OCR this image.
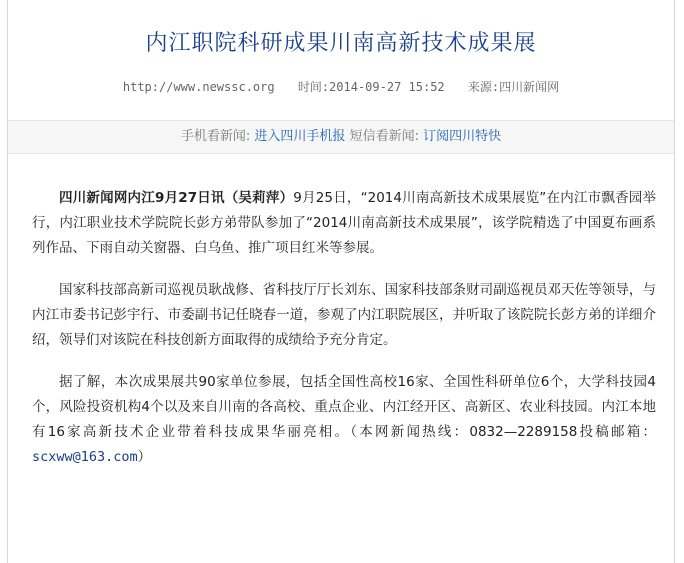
内江职院科研成果川南高新技术成果展
http://www.newssc.org 时间:2014-09-27 15:52 来源:四川新闻网
手机看新闻: 进入四川手机报 短信看新闻: 订阅四川特快

四川新闻网内江9月27日讯（吴莉萍）9月25日，“2014川南高新技术成果展览”在内江市飘香园举行，内江职业技术学院院长彭方弟带队参加了“2014川南高新技术成果展”，该学院精选了中国夏布画系列作品、下雨自动关窗器、白乌鱼、推广项目红米等参展。

国家科技部高新司巡视员耿战修、省科技厅厅长刘东、国家科技部条财司副巡视员邓天佐等领导，与内江市委书记彭宇行、市委副书记任晓春一道，参观了内江职院展区，并听取了该院院长彭方弟的详细介绍，领导们对该院在科技创新方面取得的成绩给予充分肯定。

据了解，本次成果展共90家单位参展，包括全国性高校16家、全国性科研单位6个，大学科技园4个，风险投资机构4个以及来自川南的各高校、重点企业、内江经开区、高新区、农业科技园。内江本地有16家高新技术企业带着科技成果华丽亮相。（本网新闻热线：0832—2289158投稿邮箱：scxww@163.com）
